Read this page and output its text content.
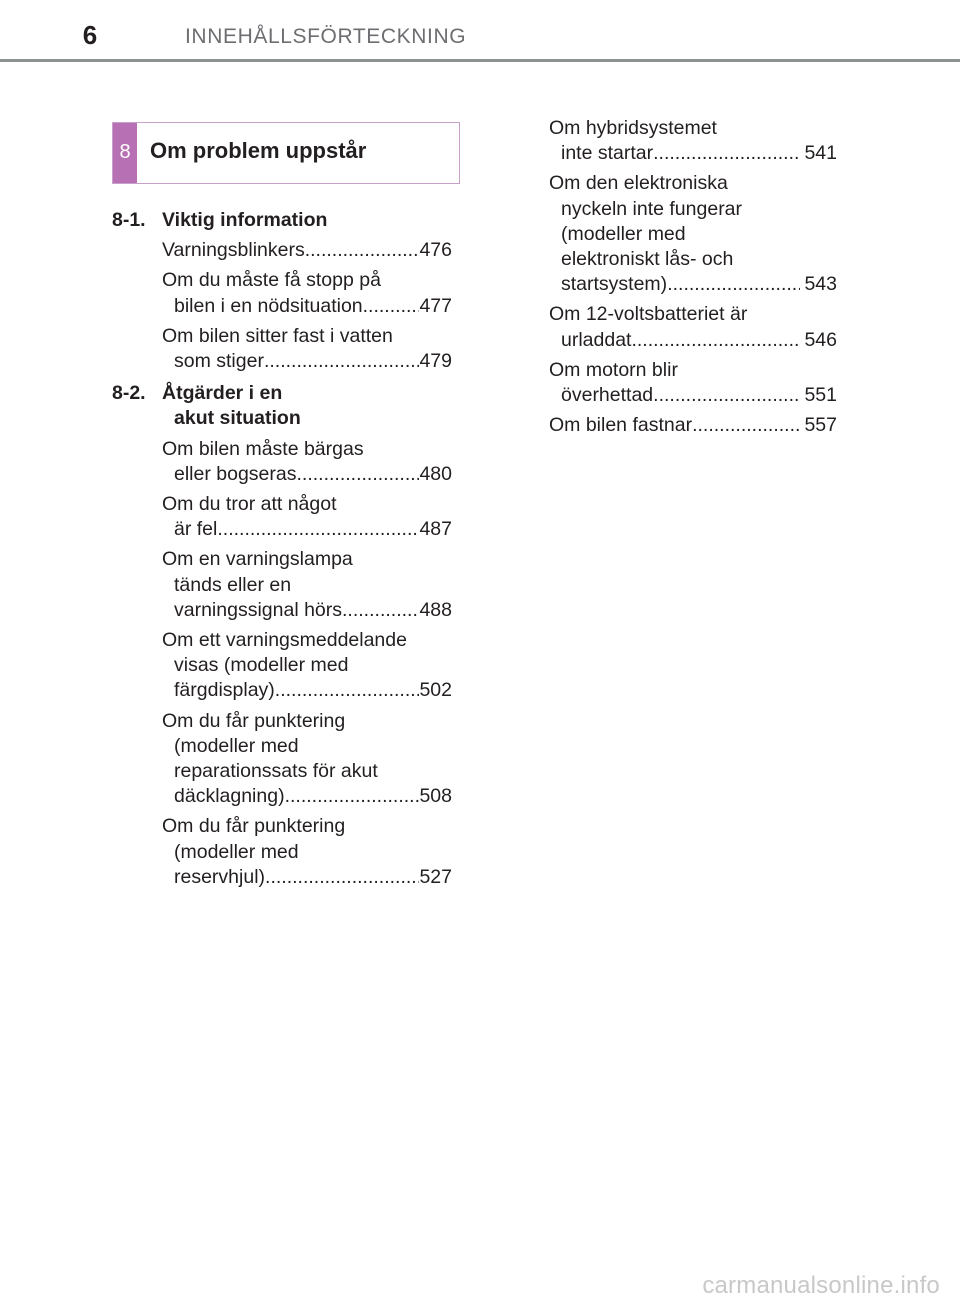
6	INNEHÅLLSFÖRTECKNING
8 Om problem uppstår
8-1. Viktig information
Varningsblinkers .....	476
Om du måste få stopp på
bilen i en nödsituation .....	477
Om bilen sitter fast i vatten
som stiger .....	479
8-2. Åtgärder i en
akut situation
Om bilen måste bärgas
eller bogseras .....	480
Om du tror att något
är fel .....	487
Om en varningslampa
tänds eller en
varningssignal hörs .....	488
Om ett varningsmeddelande
visas (modeller med
färgdisplay) .....	502
Om du får punktering
(modeller med
reparationssats för akut
däcklagning) .....	508
Om du får punktering
(modeller med
reservhjul) .....	527
Om hybridsystemet
inte startar .....	541
Om den elektroniska
nyckeln inte fungerar
(modeller med
elektroniskt lås- och
startsystem) .....	543
Om 12-voltsbatteriet är
urladdat .....	546
Om motorn blir
överhettad .....	551
Om bilen fastnar .....	557
carmanualsonline.info
